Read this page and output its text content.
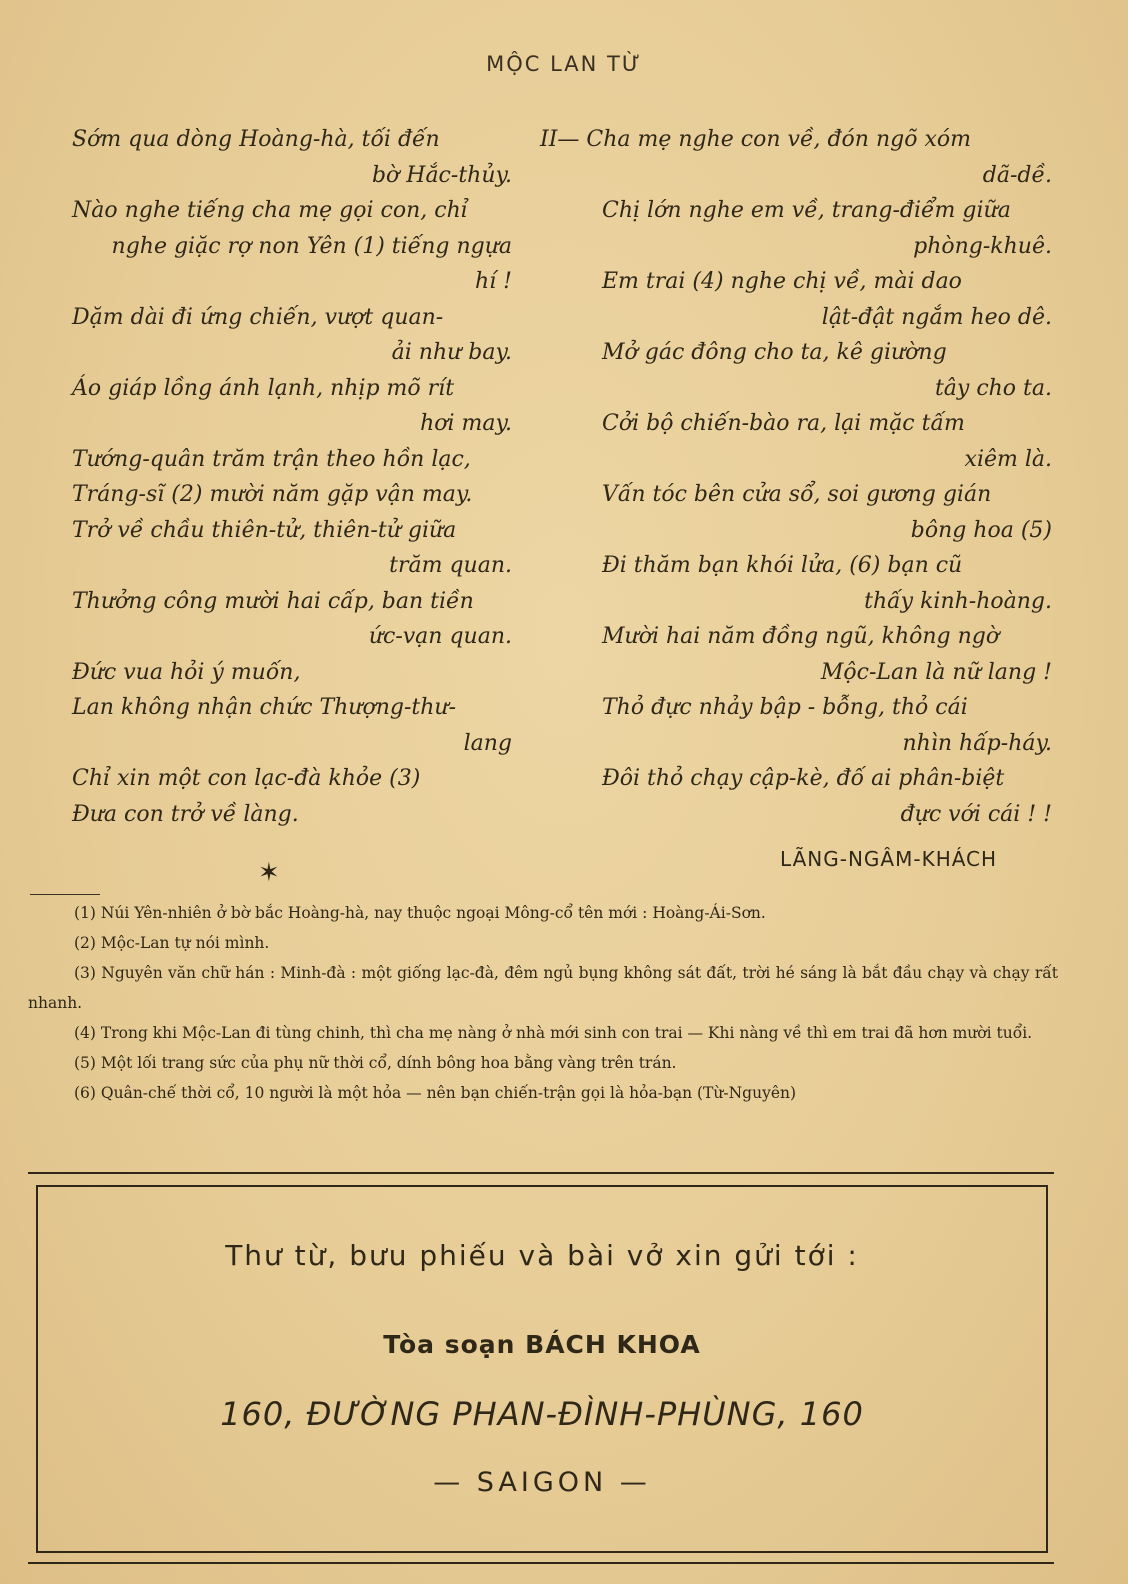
MỘC LAN TỪ
Sớm qua dòng Hoàng-hà, tối đến
bờ Hắc-thủy.
Nào nghe tiếng cha mẹ gọi con, chỉ
nghe giặc rợ non Yên (1) tiếng ngựa hí !
Dặm dài đi ứng chiến, vượt quan-
ải như bay.
Áo giáp lồng ánh lạnh, nhịp mõ rít
hơi may.
Tướng-quân trăm trận theo hồn lạc,
Tráng-sĩ (2) mười năm gặp vận may.
Trở về chầu thiên-tử, thiên-tử giữa
trăm quan.
Thưởng công mười hai cấp, ban tiền
ức-vạn quan.
Đức vua hỏi ý muốn,
Lan không nhận chức Thượng-thư-
lang
Chỉ xin một con lạc-đà khỏe (3)
Đưa con trở về làng.
II— Cha mẹ nghe con về, đón ngõ xóm
dã-dề.
Chị lớn nghe em về, trang-điểm giữa
phòng-khuê.
Em trai (4) nghe chị về, mài dao
lật-đật ngắm heo dê.
Mở gác đông cho ta, kê giường
tây cho ta.
Cởi bộ chiến-bào ra, lại mặc tấm
xiêm là.
Vấn tóc bên cửa sổ, soi gương gián
bông hoa (5)
Đi thăm bạn khói lửa, (6) bạn cũ
thấy kinh-hoàng.
Mười hai năm đồng ngũ, không ngờ
Mộc-Lan là nữ lang !
Thỏ đực nhảy bập - bỗng, thỏ cái
nhìn hấp-háy.
Đôi thỏ chạy cập-kè, đố ai phân-biệt
đực với cái ! !
✶	LÃNG-NGÂM-KHÁCH
(1) Núi Yên-nhiên ở bờ bắc Hoàng-hà, nay thuộc ngoại Mông-cổ tên mới : Hoàng-Ái-Sơn.
(2) Mộc-Lan tự nói mình.
(3) Nguyên văn chữ hán : Minh-đà : một giống lạc-đà, đêm ngủ bụng không sát đất, trời hé sáng là bắt đầu chạy và chạy rất nhanh.
(4) Trong khi Mộc-Lan đi tùng chinh, thì cha mẹ nàng ở nhà mới sinh con trai — Khi nàng về thì em trai đã hơn mười tuổi.
(5) Một lối trang sức của phụ nữ thời cổ, dính bông hoa bằng vàng trên trán.
(6) Quân-chế thời cổ, 10 người là một hỏa — nên bạn chiến-trận gọi là hỏa-bạn (Từ-Nguyên)
Thư từ, bưu phiếu và bài vở xin gửi tới :
Tòa soạn BÁCH KHOA
160, ĐƯỜNG PHAN-ĐÌNH-PHÙNG, 160
— SAIGON —
